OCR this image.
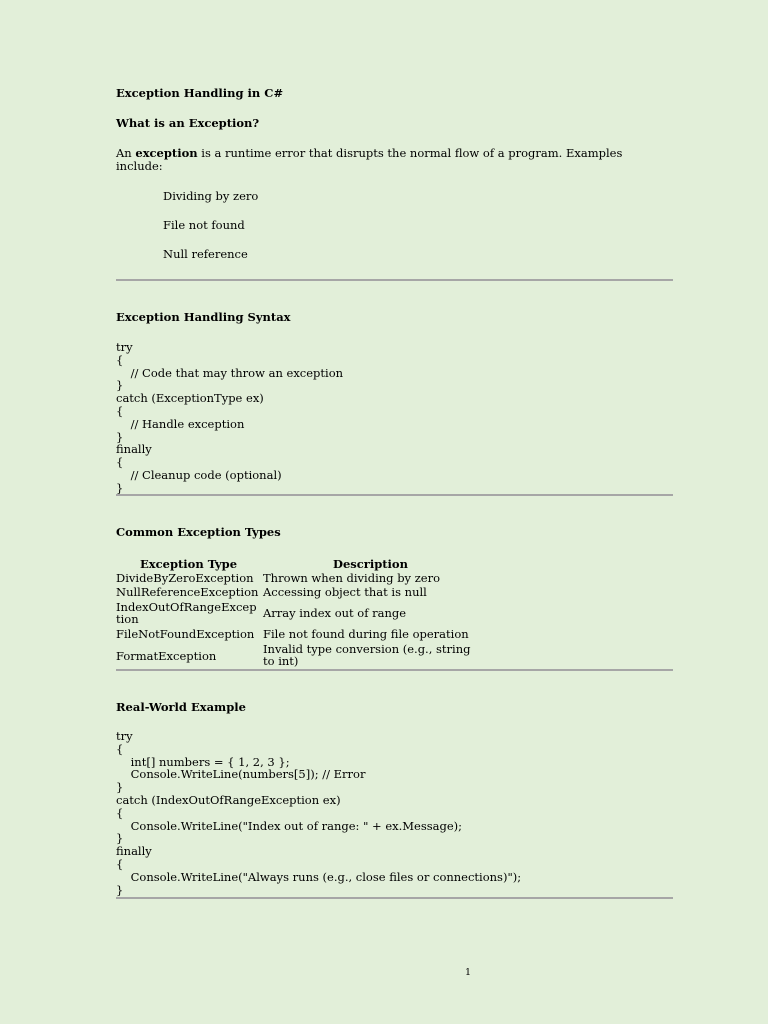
Exception Handling in C#
What is an Exception?
An exception is a runtime error that disrupts the normal flow of a program. Examples include:
Dividing by zero
File not found
Null reference
Exception Handling Syntax
try
{
// Code that may throw an exception
}
catch (ExceptionType ex)
{
// Handle exception
}
finally
{
// Cleanup code (optional)
}
Common Exception Types
Exception Type	Description
DivideByZeroException Thrown when dividing by zero
NullReferenceException Accessing object that is null
IndexOutOfRangeExcep
tion	Array index out of range
FileNotFoundException File not found during file operation
FormatException	Invalid type conversion (e.g., string
to int)
Real-World Example
try
{
int[] numbers = { 1, 2, 3 };
Console.WriteLine(numbers[5]); // Error
}
catch (IndexOutOfRangeException ex)
{
Console.WriteLine("Index out of range: " + ex.Message);
}
finally
{
Console.WriteLine("Always runs (e.g., close files or connections)");
}
1
